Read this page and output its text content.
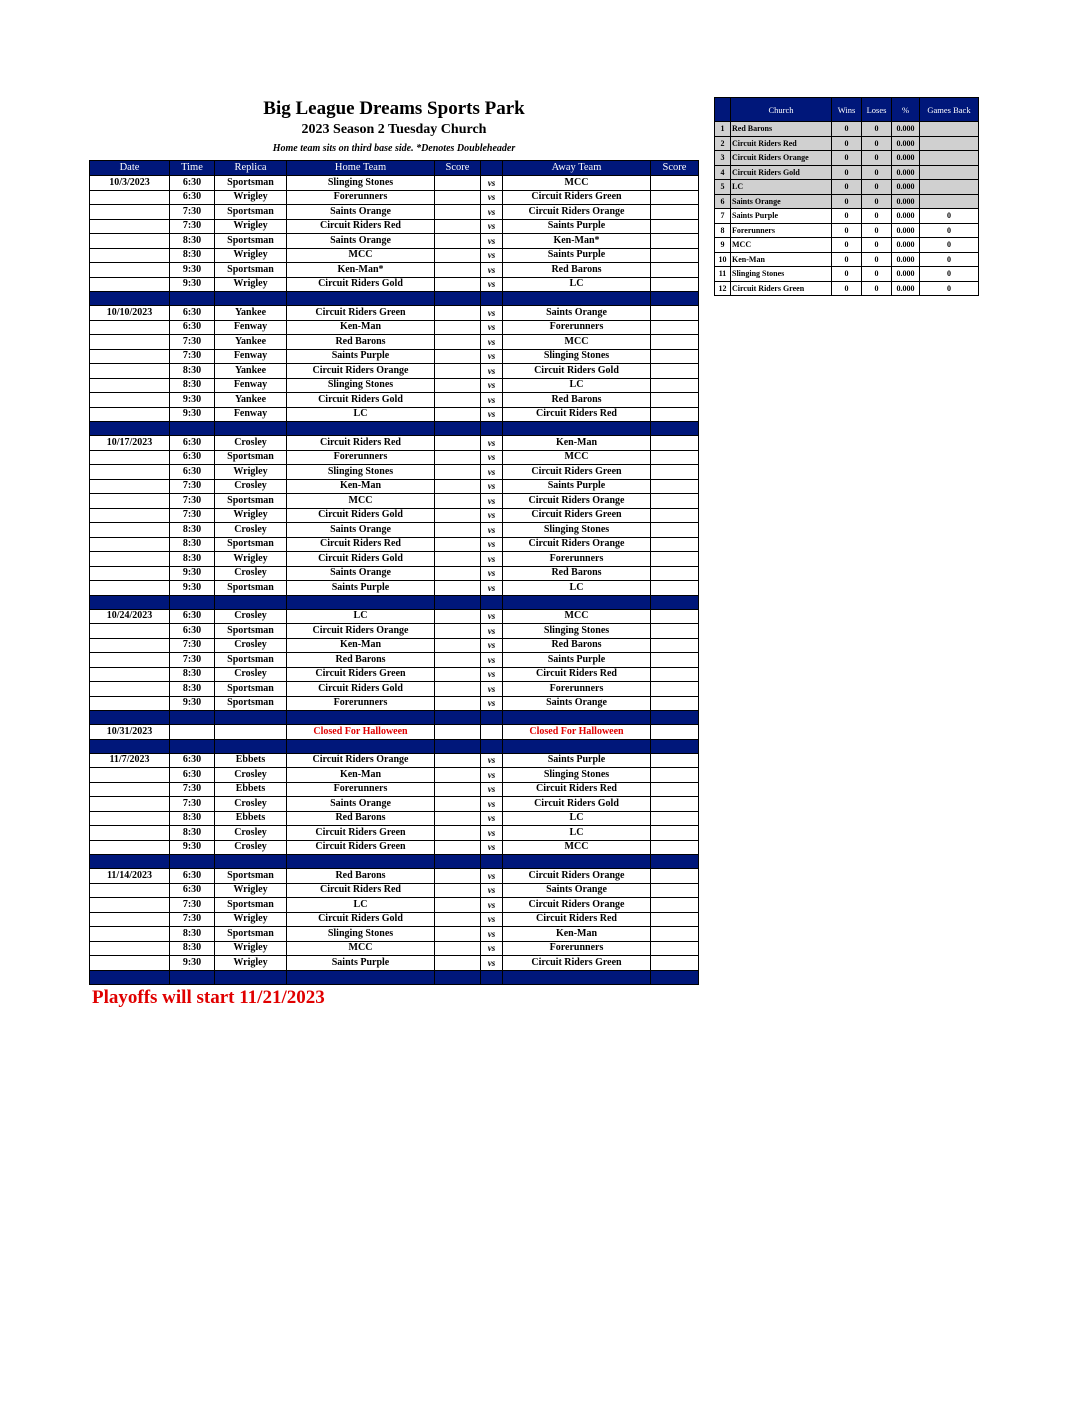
Big League Dreams Sports Park
2023 Season 2 Tuesday Church
Home team sits on third base side. *Denotes Doubleheader
Date	Time	Replica	Home Team	Score		Away Team	Score
10/3/2023	6:30	Sportsman	Slinging Stones		vs	MCC	
	6:30	Wrigley	Forerunners		vs	Circuit Riders Green	
	7:30	Sportsman	Saints Orange		vs	Circuit Riders Orange	
	7:30	Wrigley	Circuit Riders Red		vs	Saints Purple	
	8:30	Sportsman	Saints Orange		vs	Ken-Man*	
	8:30	Wrigley	MCC		vs	Saints Purple	
	9:30	Sportsman	Ken-Man*		vs	Red Barons	
	9:30	Wrigley	Circuit Riders Gold		vs	LC	

10/10/2023	6:30	Yankee	Circuit Riders Green		vs	Saints Orange	
	6:30	Fenway	Ken-Man		vs	Forerunners	
	7:30	Yankee	Red Barons		vs	MCC	
	7:30	Fenway	Saints Purple		vs	Slinging Stones	
	8:30	Yankee	Circuit Riders Orange		vs	Circuit Riders Gold	
	8:30	Fenway	Slinging Stones		vs	LC	
	9:30	Yankee	Circuit Riders Gold		vs	Red Barons	
	9:30	Fenway	LC		vs	Circuit Riders Red	

10/17/2023	6:30	Crosley	Circuit Riders Red		vs	Ken-Man	
	6:30	Sportsman	Forerunners		vs	MCC	
	6:30	Wrigley	Slinging Stones		vs	Circuit Riders Green	
	7:30	Crosley	Ken-Man		vs	Saints Purple	
	7:30	Sportsman	MCC		vs	Circuit Riders Orange	
	7:30	Wrigley	Circuit Riders Gold		vs	Circuit Riders Green	
	8:30	Crosley	Saints Orange		vs	Slinging Stones	
	8:30	Sportsman	Circuit Riders Red		vs	Circuit Riders Orange	
	8:30	Wrigley	Circuit Riders Gold		vs	Forerunners	
	9:30	Crosley	Saints Orange		vs	Red Barons	
	9:30	Sportsman	Saints Purple		vs	LC	

10/24/2023	6:30	Crosley	LC		vs	MCC	
	6:30	Sportsman	Circuit Riders Orange		vs	Slinging Stones	
	7:30	Crosley	Ken-Man		vs	Red Barons	
	7:30	Sportsman	Red Barons		vs	Saints Purple	
	8:30	Crosley	Circuit Riders Green		vs	Circuit Riders Red	
	8:30	Sportsman	Circuit Riders Gold		vs	Forerunners	
	9:30	Sportsman	Forerunners		vs	Saints Orange	

10/31/2023			Closed For Halloween			Closed For Halloween	

11/7/2023	6:30	Ebbets	Circuit Riders Orange		vs	Saints Purple	
	6:30	Crosley	Ken-Man		vs	Slinging Stones	
	7:30	Ebbets	Forerunners		vs	Circuit Riders Red	
	7:30	Crosley	Saints Orange		vs	Circuit Riders Gold	
	8:30	Ebbets	Red Barons		vs	LC	
	8:30	Crosley	Circuit Riders Green		vs	LC	
	9:30	Crosley	Circuit Riders Green		vs	MCC	

11/14/2023	6:30	Sportsman	Red Barons		vs	Circuit Riders Orange	
	6:30	Wrigley	Circuit Riders Red		vs	Saints Orange	
	7:30	Sportsman	LC		vs	Circuit Riders Orange	
	7:30	Wrigley	Circuit Riders Gold		vs	Circuit Riders Red	
	8:30	Sportsman	Slinging Stones		vs	Ken-Man	
	8:30	Wrigley	MCC		vs	Forerunners	
	9:30	Wrigley	Saints Purple		vs	Circuit Riders Green	

	Church	Wins	Loses	%	Games Back
1	Red Barons	0	0	0.000	
2	Circuit Riders Red	0	0	0.000	
3	Circuit Riders Orange	0	0	0.000	
4	Circuit Riders Gold	0	0	0.000	
5	LC	0	0	0.000	
6	Saints Orange	0	0	0.000	
7	Saints Purple	0	0	0.000	0
8	Forerunners	0	0	0.000	0
9	MCC	0	0	0.000	0
10	Ken-Man	0	0	0.000	0
11	Slinging Stones	0	0	0.000	0
12	Circuit Riders Green	0	0	0.000	0
Playoffs will start 11/21/2023
